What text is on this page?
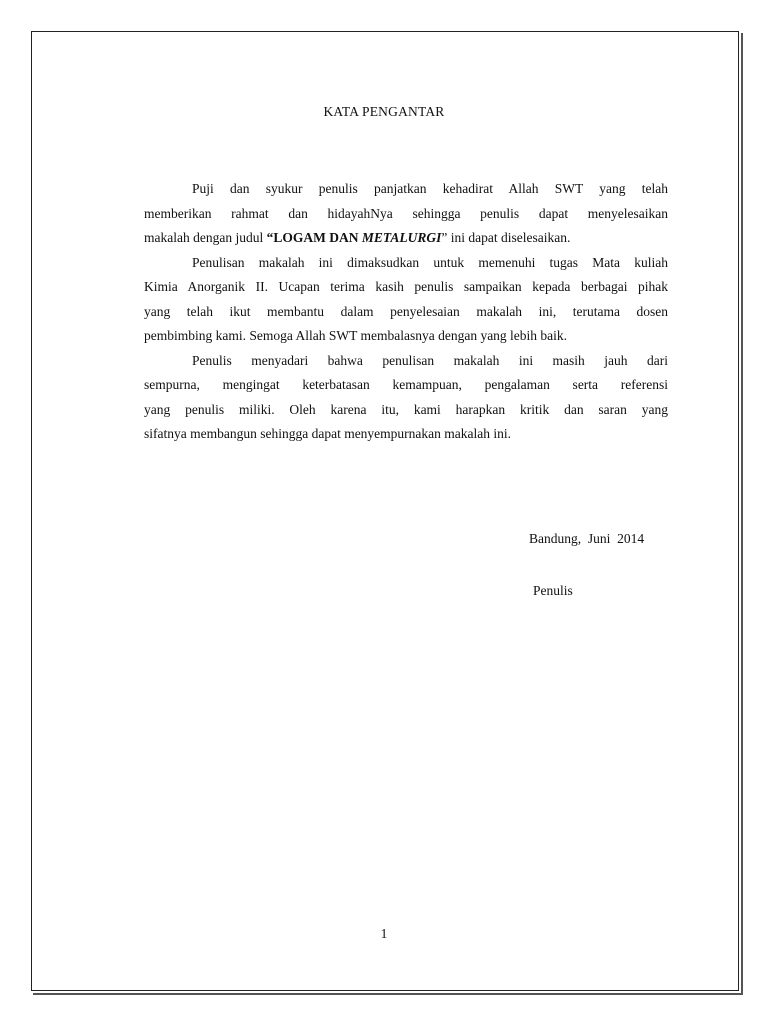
KATA PENGANTAR

Puji dan syukur penulis panjatkan kehadirat Allah SWT yang telah
memberikan rahmat dan hidayahNya sehingga penulis dapat menyelesaikan
makalah dengan judul “LOGAM DAN METALURGI” ini dapat diselesaikan.

Penulisan makalah ini dimaksudkan untuk memenuhi tugas Mata kuliah
Kimia Anorganik II. Ucapan terima kasih penulis sampaikan kepada berbagai pihak
yang telah ikut membantu dalam penyelesaian makalah ini, terutama dosen
pembimbing kami. Semoga Allah SWT membalasnya dengan yang lebih baik.

Penulis menyadari bahwa penulisan makalah ini masih jauh dari
sempurna, mengingat keterbatasan kemampuan, pengalaman serta referensi
yang penulis miliki. Oleh karena itu, kami harapkan kritik dan saran yang
sifatnya membangun sehingga dapat menyempurnakan makalah ini.

Bandung,  Juni  2014
Penulis
1
